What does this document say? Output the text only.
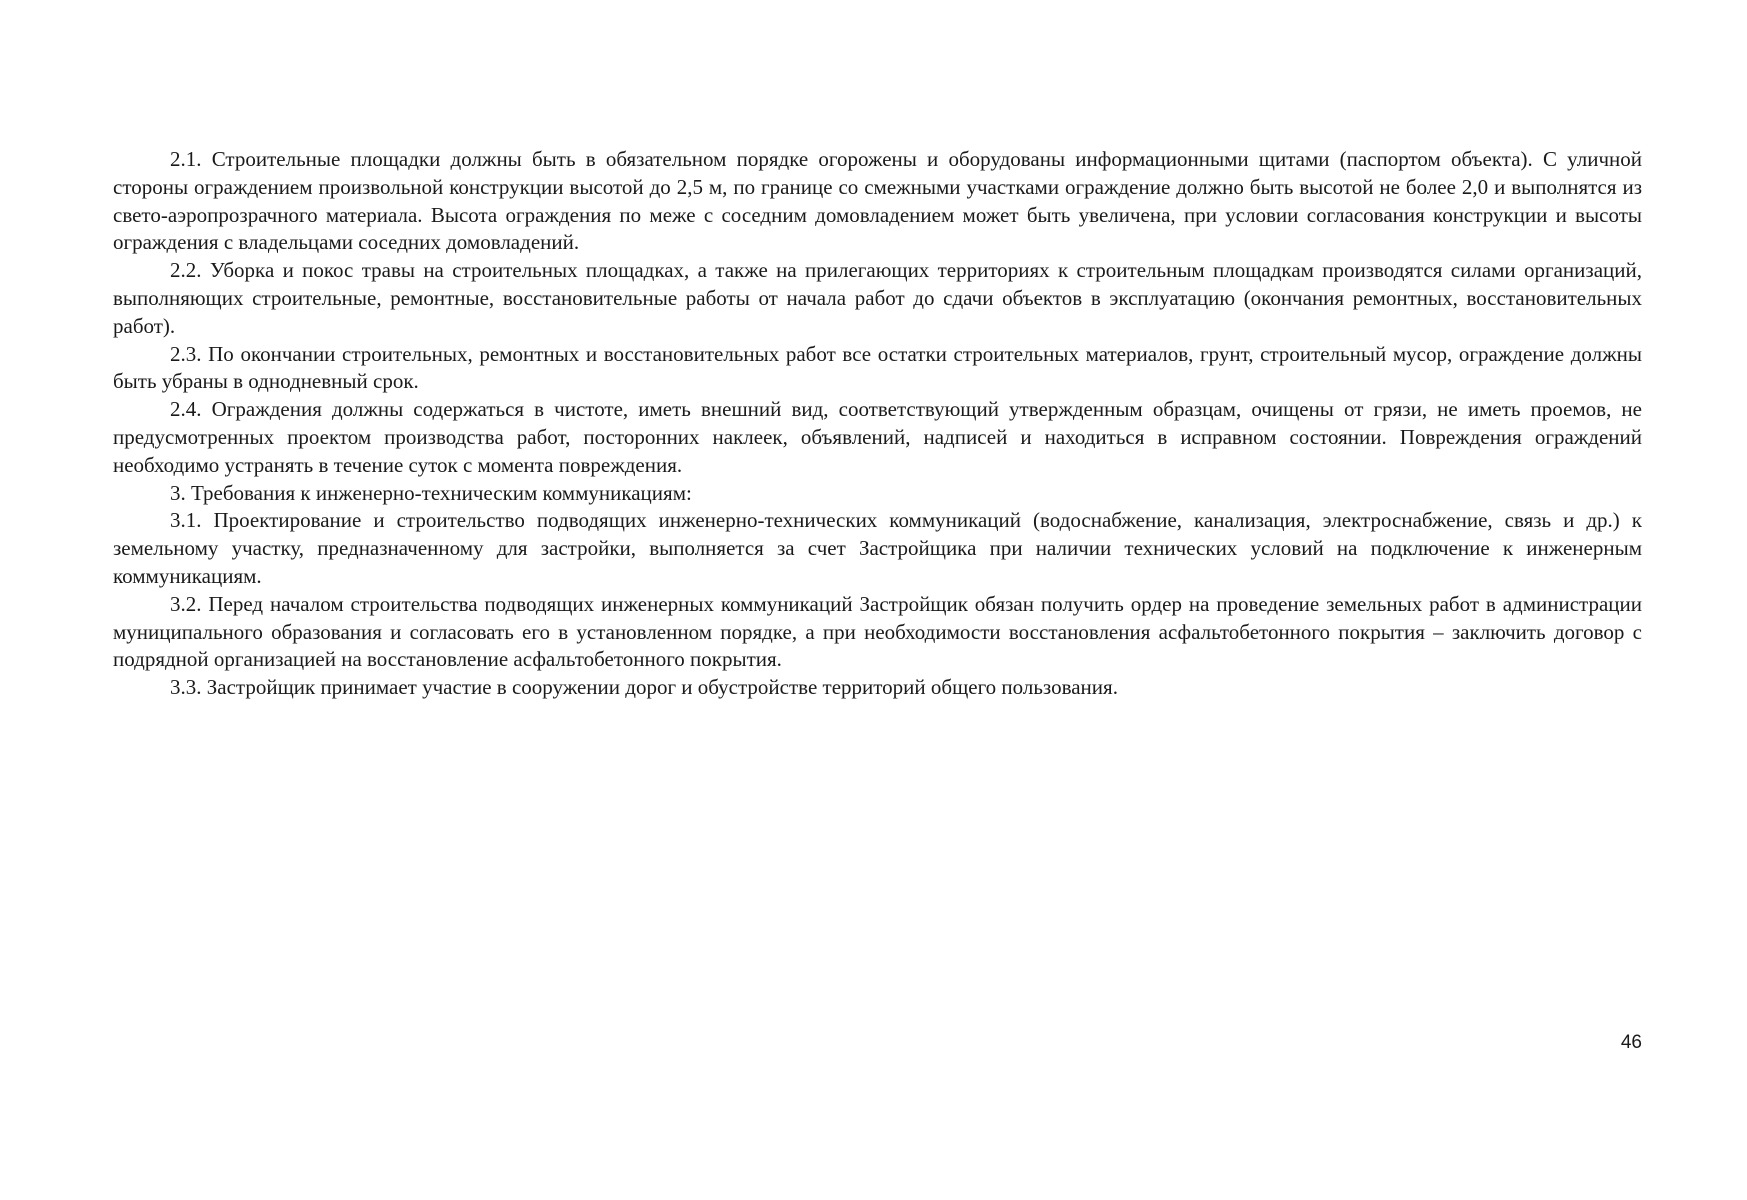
2.1. Строительные площадки должны быть в обязательном порядке огорожены и оборудованы информационными щитами (паспортом объекта). С уличной стороны ограждением произвольной конструкции высотой до 2,5 м, по границе со смежными участками ограждение должно быть высотой не более 2,0 и выполнятся из свето-аэропрозрачного материала. Высота ограждения по меже с соседним домовладением может быть увеличена, при условии согласования конструкции и высоты ограждения с владельцами соседних домовладений.

2.2. Уборка и покос травы на строительных площадках, а также на прилегающих территориях к строительным площадкам производятся силами организаций, выполняющих строительные, ремонтные, восстановительные работы от начала работ до сдачи объектов в эксплуатацию (окончания ремонтных, восстановительных работ).

2.3. По окончании строительных, ремонтных и восстановительных работ все остатки строительных материалов, грунт, строительный мусор, ограждение должны быть убраны в однодневный срок.

2.4. Ограждения должны содержаться в чистоте, иметь внешний вид, соответствующий утвержденным образцам, очищены от грязи, не иметь проемов, не предусмотренных проектом производства работ, посторонних наклеек, объявлений, надписей и находиться в исправном состоянии. Повреждения ограждений необходимо устранять в течение суток с момента повреждения.

3. Требования к инженерно-техническим коммуникациям:

3.1. Проектирование и строительство подводящих инженерно-технических коммуникаций (водоснабжение, канализация, электроснабжение, связь и др.) к земельному участку, предназначенному для застройки, выполняется за счет Застройщика при наличии технических условий на подключение к инженерным коммуникациям.

3.2. Перед началом строительства подводящих инженерных коммуникаций Застройщик обязан получить ордер на проведение земельных работ в администрации муниципального образования и согласовать его в установленном порядке, а при необходимости восстановления асфальтобетонного покрытия – заключить договор с подрядной организацией на восстановление асфальтобетонного покрытия.

3.3. Застройщик принимает участие в сооружении дорог и обустройстве территорий общего пользования.

46
